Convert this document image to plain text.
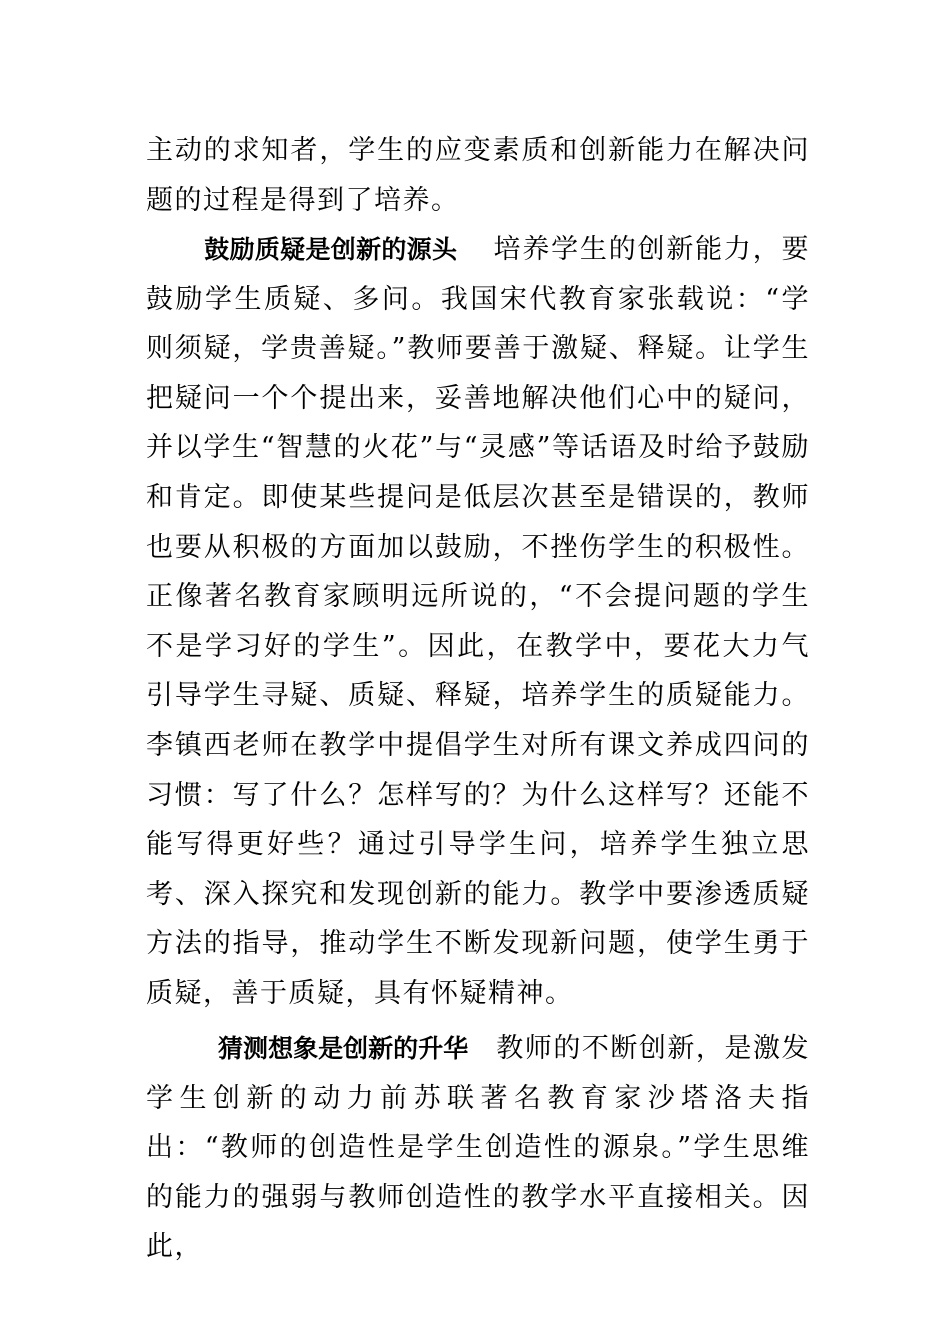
主动的求知者，学生的应变素质和创新能力在解决问题的过程是得到了培养。

鼓励质疑是创新的源头 培养学生的创新能力，要鼓励学生质疑、多问。我国宋代教育家张载说：“学则须疑，学贵善疑。”教师要善于激疑、释疑。让学生把疑问一个个提出来，妥善地解决他们心中的疑问，并以学生“智慧的火花”与“灵感”等话语及时给予鼓励和肯定。即使某些提问是低层次甚至是错误的，教师也要从积极的方面加以鼓励，不挫伤学生的积极性。正像著名教育家顾明远所说的，“不会提问题的学生不是学习好的学生”。因此，在教学中，要花大力气引导学生寻疑、质疑、释疑，培养学生的质疑能力。李镇西老师在教学中提倡学生对所有课文养成四问的习惯：写了什么？怎样写的？为什么这样写？还能不能写得更好些？通过引导学生问，培养学生独立思考、深入探究和发现创新的能力。教学中要渗透质疑方法的指导，推动学生不断发现新问题，使学生勇于质疑，善于质疑，具有怀疑精神。

猜测想象是创新的升华 教师的不断创新，是激发学生创新的动力前苏联著名教育家沙塔洛夫指出：“教师的创造性是学生创造性的源泉。”学生思维的能力的强弱与教师创造性的教学水平直接相关。因此，
